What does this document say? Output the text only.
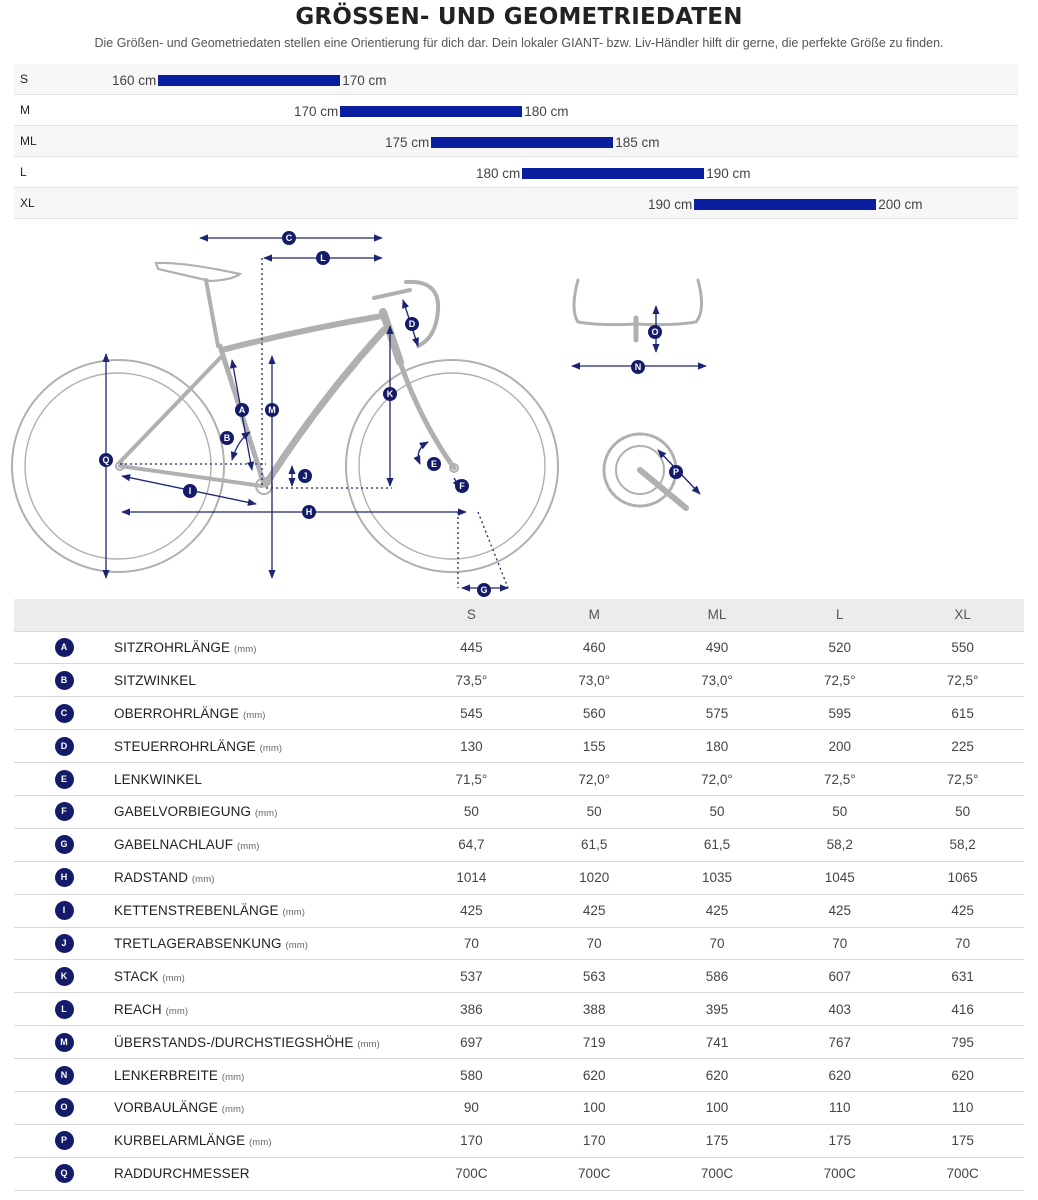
GRÖSSEN- UND GEOMETRIEDATEN
Die Größen- und Geometriedaten stellen eine Orientierung für dich dar. Dein lokaler GIANT- bzw. Liv-Händler hilft dir gerne, die perfekte Größe zu finden.
S	160 cm	170 cm
M	170 cm	180 cm
ML	175 cm	185 cm
L	180 cm	190 cm
XL	190 cm	200 cm
A
B
C
D
E
F
G
H
I
J
K
L
M
N
O
P
Q
		S	M	ML	L	XL
A	SITZROHRLÄNGE (mm)	445	460	490	520	550
B	SITZWINKEL	73,5°	73,0°	73,0°	72,5°	72,5°
C	OBERROHRLÄNGE (mm)	545	560	575	595	615
D	STEUERROHRLÄNGE (mm)	130	155	180	200	225
E	LENKWINKEL	71,5°	72,0°	72,0°	72,5°	72,5°
F	GABELVORBIEGUNG (mm)	50	50	50	50	50
G	GABELNACHLAUF (mm)	64,7	61,5	61,5	58,2	58,2
H	RADSTAND (mm)	1014	1020	1035	1045	1065
I	KETTENSTREBENLÄNGE (mm)	425	425	425	425	425
J	TRETLAGERABSENKUNG (mm)	70	70	70	70	70
K	STACK (mm)	537	563	586	607	631
L	REACH (mm)	386	388	395	403	416
M	ÜBERSTANDS-/DURCHSTIEGSHÖHE (mm)	697	719	741	767	795
N	LENKERBREITE (mm)	580	620	620	620	620
O	VORBAULÄNGE (mm)	90	100	100	110	110
P	KURBELARMLÄNGE (mm)	170	170	175	175	175
Q	RADDURCHMESSER	700C	700C	700C	700C	700C
